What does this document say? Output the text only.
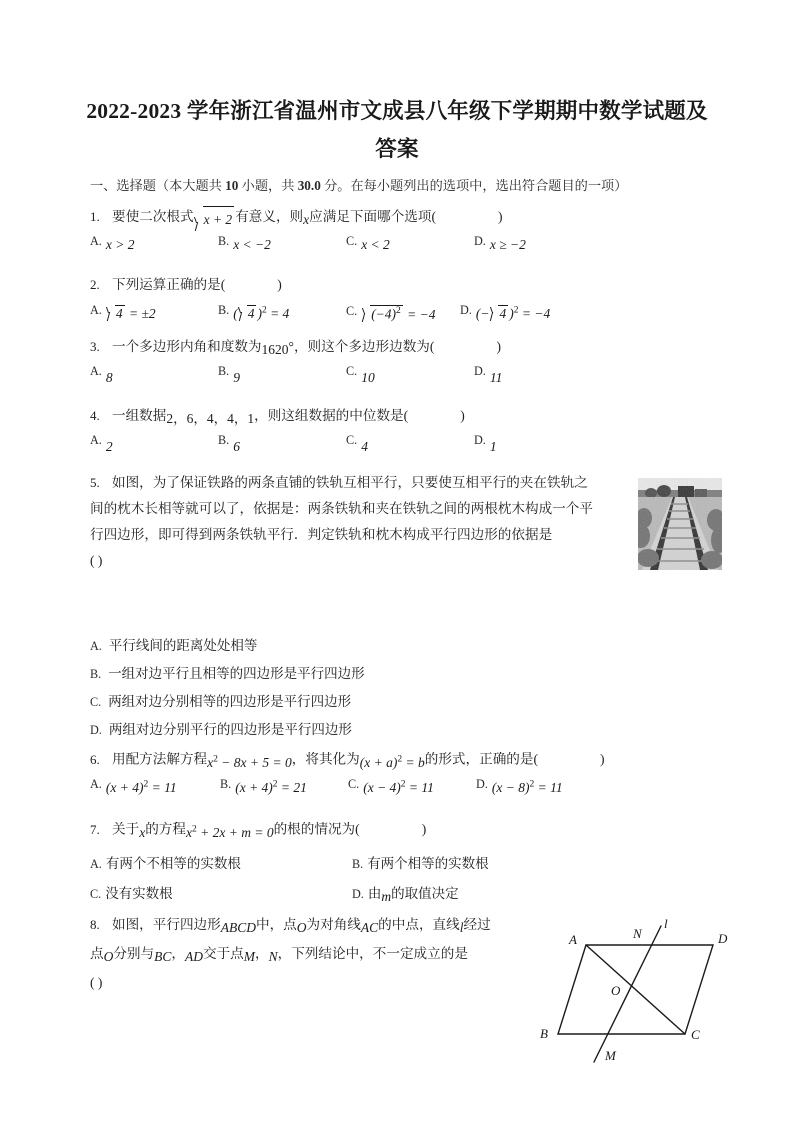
2022-2023 学年浙江省温州市文成县八年级下学期期中数学试题及
答案
一、选择题（本大题共 10 小题，共 30.0 分。在每小题列出的选项中，选出符合题目的一项）
1. 要使二次根式 x + 2 有意义，则x应满足下面哪个选项(	)
A. x > 2	B. x < −2	C. x < 2	D. x ≥ −2
2. 下列运算正确的是(	)
A. 4 = ±2	B. ( 4 )$^2$ = 4	C. $(-4)^2 = -4$ D. (− 4 )$^2$ = −4
3. 一个多边形内角和度数为1620°，则这个多边形边数为(	)
A. 8	B. 9	C. 10	D. 11
4. 一组数据2，6，4，4，1，则这组数据的中位数是(	)
A. 2	B. 6	C. 4	D. 1
5. 如图，为了保证铁路的两条直铺的铁轨互相平行，只要使互相平行的夹在铁轨之
间的枕木长相等就可以了，依据是：两条铁轨和夹在铁轨之间的两根枕木构成一个平
行四边形，即可得到两条铁轨平行．判定铁轨和枕木构成平行四边形的依据是
( )
A. 平行线间的距离处处相等
B. 一组对边平行且相等的四边形是平行四边形
C. 两组对边分别相等的四边形是平行四边形
D. 两组对边分别平行的四边形是平行四边形
6. 用配方法解方程$x^2 - 8x + 5 = 0$，将其化为$(x + a)^2 = b$的形式，正确的是(	)
A. $(x + 4)^2 = 11$	B. $(x + 4)^2 = 21$	C. $(x - 4)^2 = 11$	D. $(x - 8)^2 = 11$
7. 关于x的方程$x^2 + 2x + m = 0$的根的情况为(	)
A. 有两个不相等的实数根	B. 有两个相等的实数根
C. 没有实数根	D. 由m的取值决定
8. 如图，平行四边形ABCD中，点O为对角线AC的中点，直线l经过
点O分别与BC，AD交于点M，N，下列结论中，不一定成立的是
( )
A	D
B	C
N
M
O
l
